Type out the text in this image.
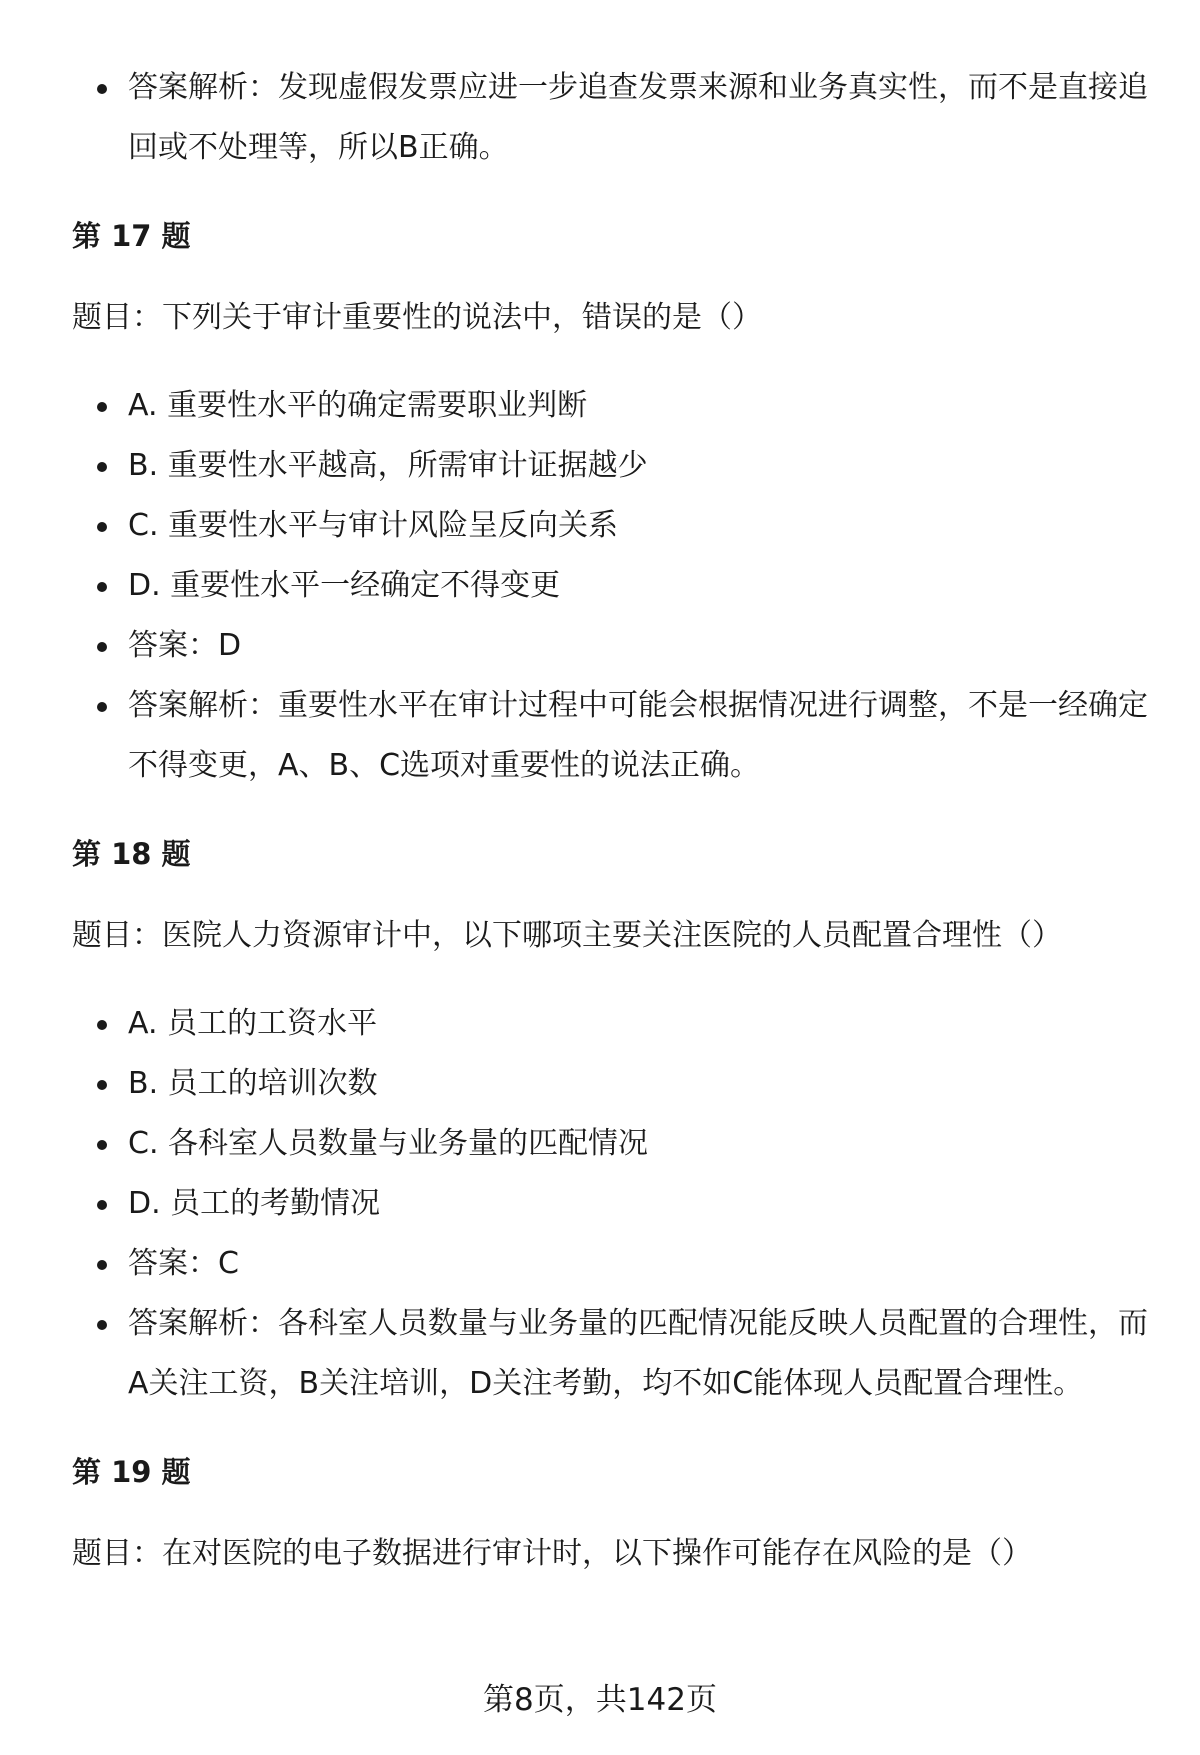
答案解析：发现虚假发票应进一步追查发票来源和业务真实性，而不是直接追回或不处理等，所以B正确。
第 17 题
题目：下列关于审计重要性的说法中，错误的是（）
A. 重要性水平的确定需要职业判断
B. 重要性水平越高，所需审计证据越少
C. 重要性水平与审计风险呈反向关系
D. 重要性水平一经确定不得变更
答案：D
答案解析：重要性水平在审计过程中可能会根据情况进行调整，不是一经确定不得变更，A、B、C选项对重要性的说法正确。
第 18 题
题目：医院人力资源审计中，以下哪项主要关注医院的人员配置合理性（）
A. 员工的工资水平
B. 员工的培训次数
C. 各科室人员数量与业务量的匹配情况
D. 员工的考勤情况
答案：C
答案解析：各科室人员数量与业务量的匹配情况能反映人员配置的合理性，而A关注工资，B关注培训，D关注考勤，均不如C能体现人员配置合理性。
第 19 题
题目：在对医院的电子数据进行审计时，以下操作可能存在风险的是（）
第8页，共142页
